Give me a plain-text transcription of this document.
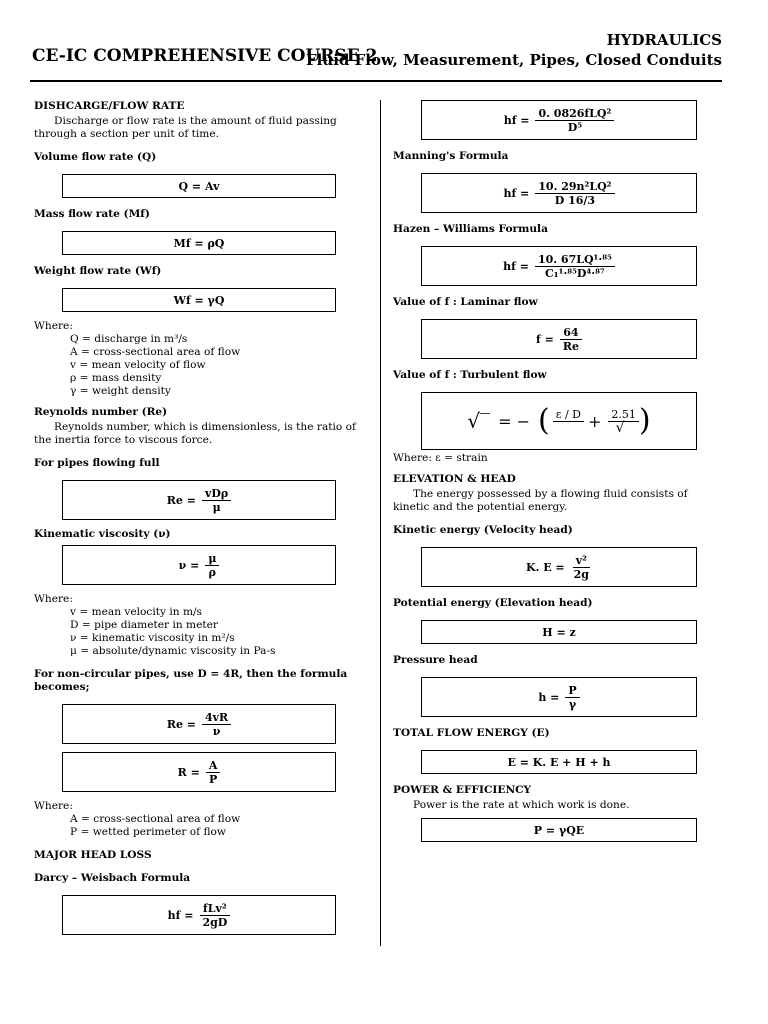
CE-IC COMPREHENSIVE COURSE 2
HYDRAULICS
Fluid Flow, Measurement, Pipes, Closed Conduits
DISHCARGE/FLOW RATE

Discharge or flow rate is the amount of fluid passing through a section per unit of time.

Volume flow rate (Q)
Q = Av
Mass flow rate (Mf)
Mf = ρQ
Weight flow rate (Wf)
Wf = γQ
Where:
Q = discharge in m³/s
A = cross-sectional area of flow
v = mean velocity of flow
ρ = mass density
γ = weight density
Reynolds number (Re)

Reynolds number, which is dimensionless, is the ratio of the inertia force to viscous force.

For pipes flowing full
$Re = \frac{\text{vDρ}}{\mu}$
Kinematic viscosity (ν)
$\nu = \frac{\mu}{\rho}$
Where:
v = mean velocity in m/s
D = pipe diameter in meter
ν = kinematic viscosity in m²/s
μ = absolute/dynamic viscosity in Pa-s
For non-circular pipes, use D = 4R, then the formula becomes;
$Re = \frac{4vR}{\nu}$
$R = \frac{A}{P}$
Where:
A = cross-sectional area of flow
P = wetted perimeter of flow
MAJOR HEAD LOSS
Darcy – Weisbach Formula
hf = $\frac{\text{fLv²}}{2gD}$
hf = $\frac{\text{0. 0826fLQ²}}{\text{D⁵}}$
Manning's Formula
hf = $\frac{\text{10. 29n²LQ²}}{D 16/3}$
Hazen – Williams Formula
hf = $\frac{\text{10. 67LQ¹·⁸⁵}}{\text{C₁¹·⁸⁵D⁴·⁸⁷}}$
Value of f : Laminar flow
$f = \frac{64}{Re}$
Value of f : Turbulent flow
√‾ = − ( ε / D
+ $\frac{2.51}{√‾}$ )
Where: ε = strain
ELEVATION & HEAD

The energy possessed by a flowing fluid consists of kinetic and the potential energy.

Kinetic energy (Velocity head)
K. $E = \frac{\text{v²}}{2g}$
Potential energy (Elevation head)
H = z
Pressure head
$h = \frac{P}{\gamma}$
TOTAL FLOW ENERGY (E)
E = K. E + H + h
POWER & EFFICIENCY

Power is the rate at which work is done.

P = γQE
